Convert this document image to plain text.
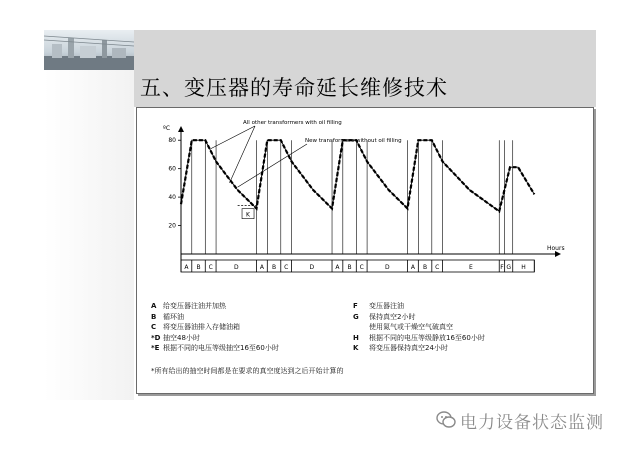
五、变压器的寿命延长维修技术
ºC
20
40
60
80
Hours
A B C	D	A B C	D	A B C	D	A B C	E	F G H
K
All other transformers with oil filling
New transformers without oil filling
A 给变压器注油并加热	F 变压器注油
B 循环油	G 保持真空2小时
C 将变压器油排入存储油箱	使用氮气或干燥空气破真空
*D 抽空48小时	H 根据不同的电压等级静放16至60小时
*E 根据不同的电压等级抽空16至60小时	K 将变压器保持真空24小时
*所有给出的抽空时间都是在要求的真空度达到之后开始计算的
电力设备状态监测
